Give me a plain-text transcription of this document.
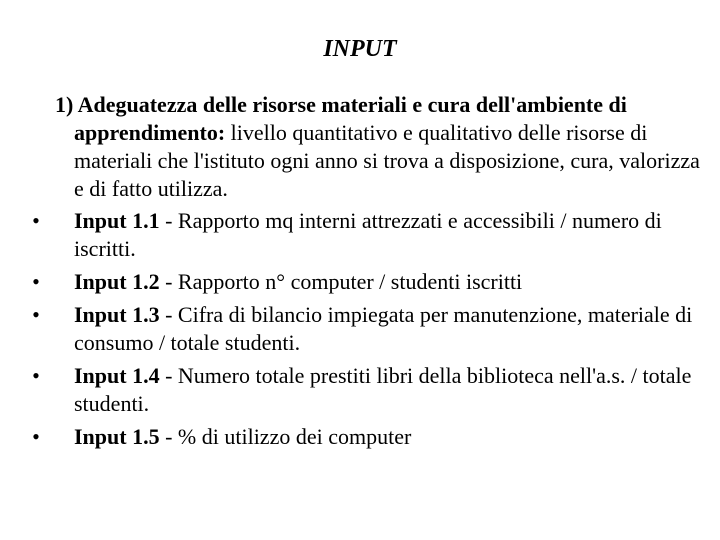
INPUT

1) Adeguatezza delle risorse materiali e cura dell'ambiente di apprendimento: livello quantitativo e qualitativo delle risorse di materiali che l'istituto ogni anno si trova a disposizione, cura, valorizza e di fatto utilizza.

• Input 1.1 - Rapporto mq interni attrezzati e accessibili / numero di iscritti.
• Input 1.2 - Rapporto n° computer / studenti iscritti
• Input 1.3 - Cifra di bilancio impiegata per manutenzione, materiale di consumo / totale studenti.
• Input 1.4 - Numero totale prestiti libri della biblioteca nell'a.s. / totale studenti.
• Input 1.5 - % di utilizzo dei computer
